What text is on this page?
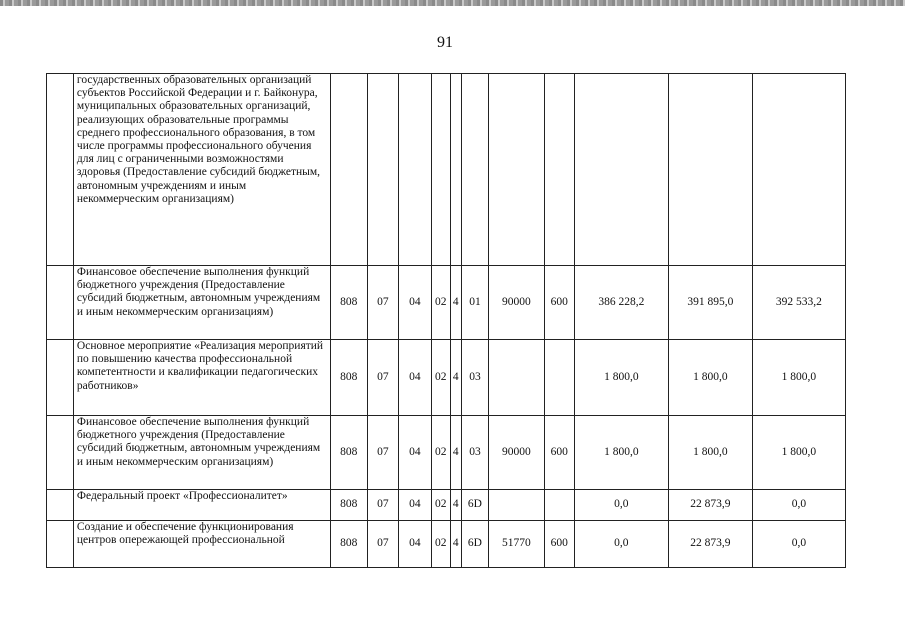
91
	государственных образовательных организаций субъектов Российской Федерации и г. Байконура, муниципальных образовательных организаций, реализующих образовательные программы среднего профессионального образования, в том числе программы профессионального обучения для лиц с ограниченными возможностями здоровья (Предоставление субсидий бюджетным, автономным учреждениям и иным некоммерческим организациям)											
	Финансовое обеспечение выполнения функций бюджетного учреждения (Предоставление субсидий бюджетным, автономным учреждениям и иным некоммерческим организациям)	808	07	04	02	4	01	90000	600	386 228,2	391 895,0	392 533,2
	Основное мероприятие «Реализация мероприятий по повышению качества профессиональной компетентности и квалификации педагогических работников»	808	07	04	02	4	03			1 800,0	1 800,0	1 800,0
	Финансовое обеспечение выполнения функций бюджетного учреждения (Предоставление субсидий бюджетным, автономным учреждениям и иным некоммерческим организациям)	808	07	04	02	4	03	90000	600	1 800,0	1 800,0	1 800,0
	Федеральный проект «Профессионалитет»	808	07	04	02	4	6D			0,0	22 873,9	0,0
	Создание и обеспечение функционирования центров опережающей профессиональной	808	07	04	02	4	6D	51770	600	0,0	22 873,9	0,0
